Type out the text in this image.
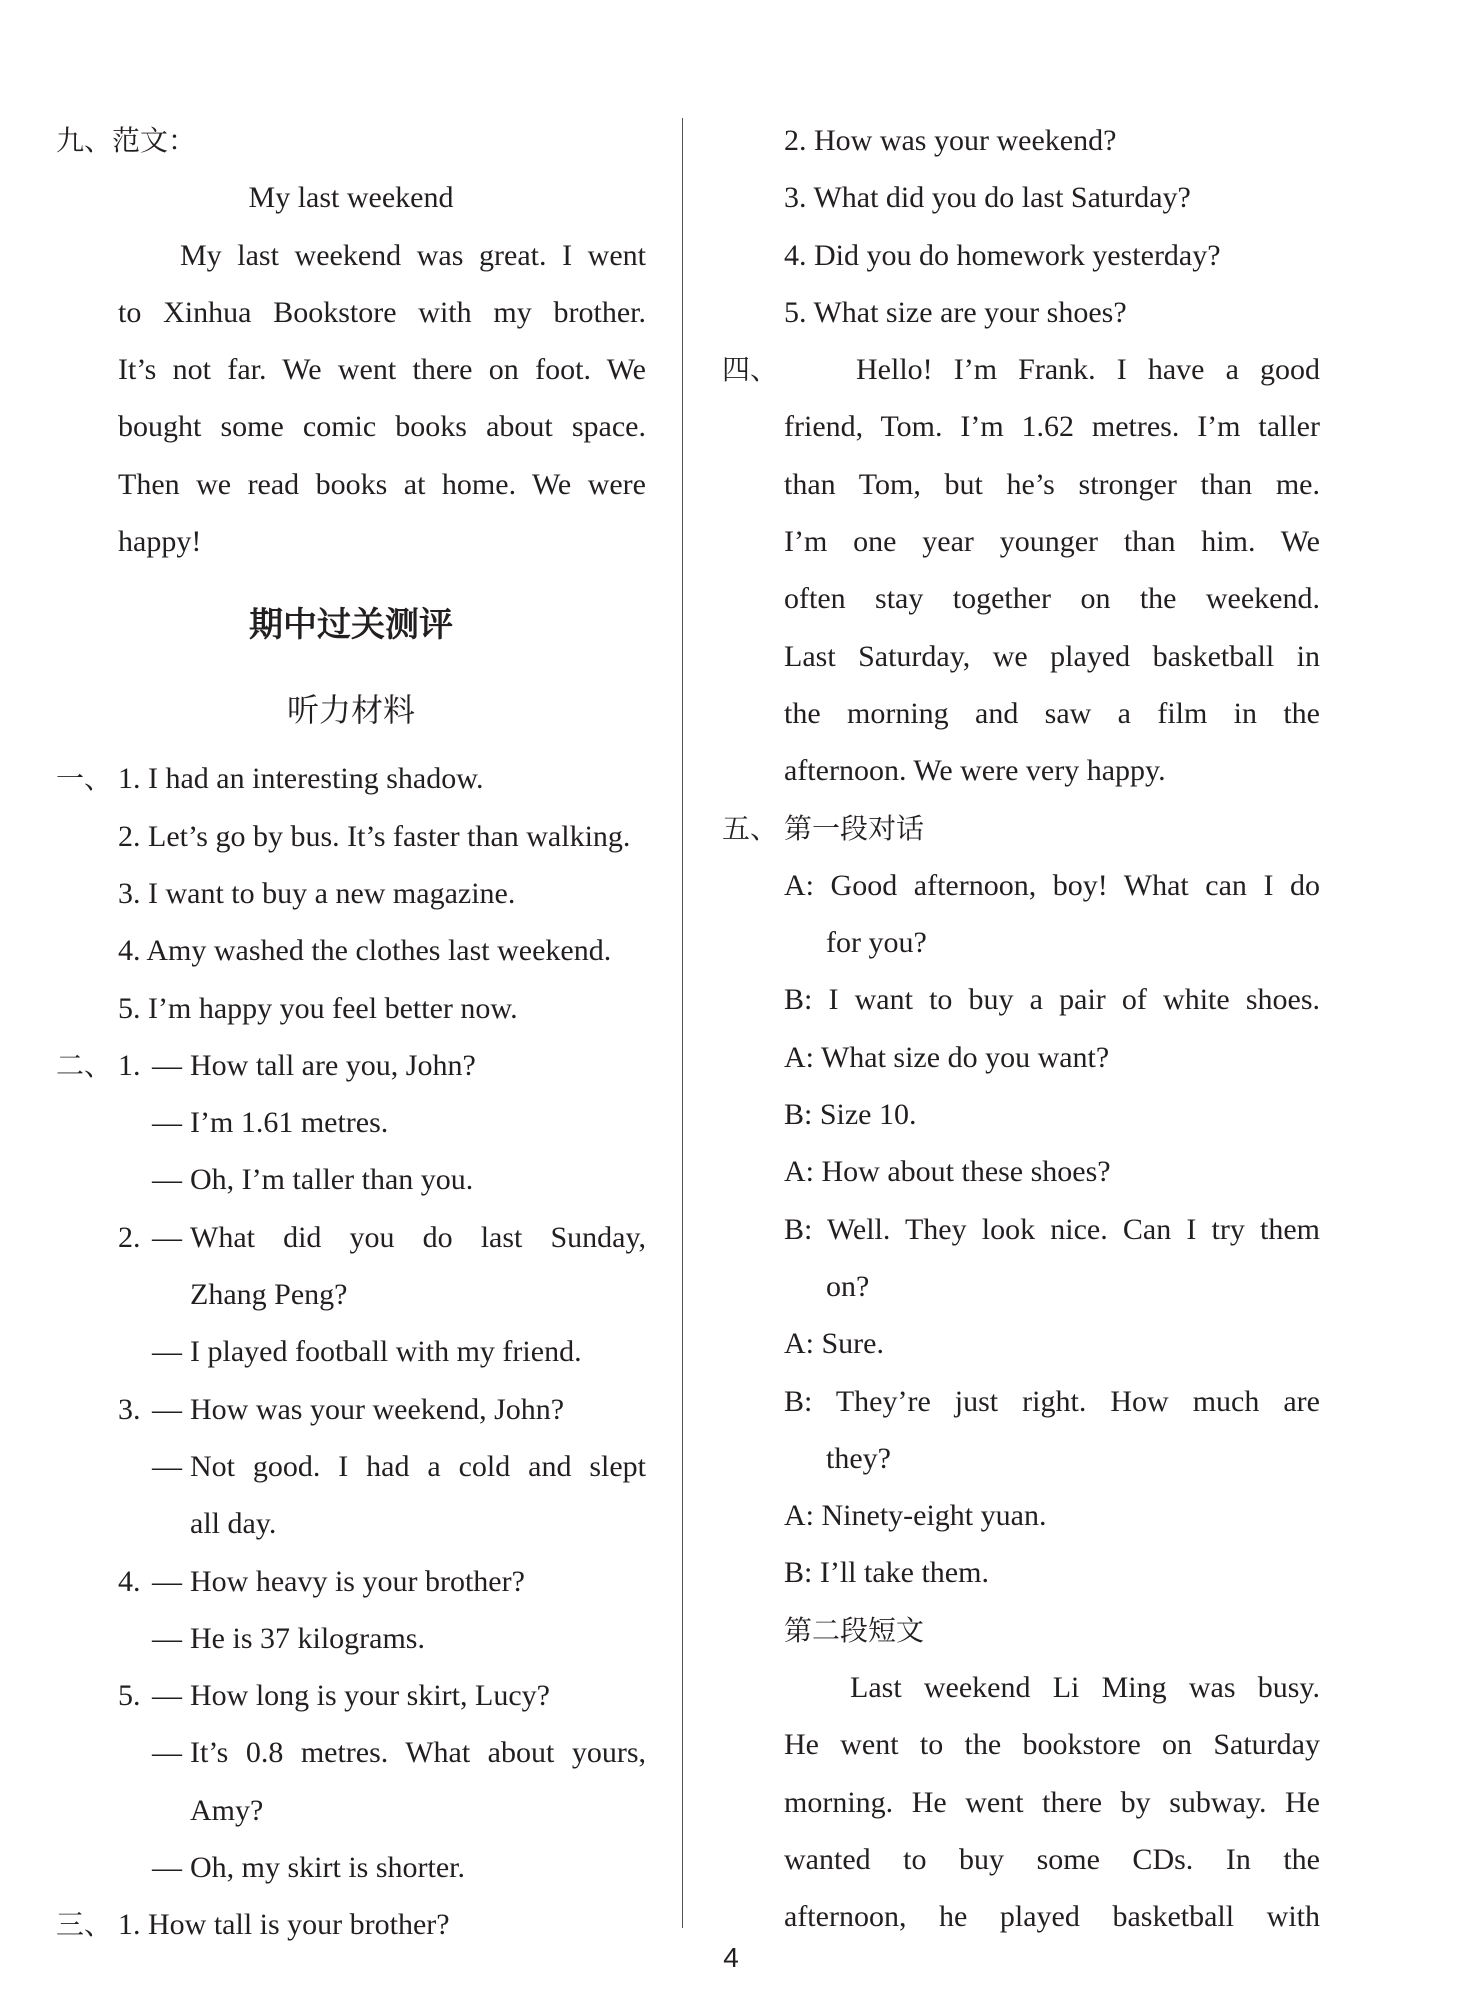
九、范文：
My last weekend
My last weekend was great. I went
to Xinhua Bookstore with my brother.
It’s not far. We went there on foot. We
bought some comic books about space.
Then we read books at home. We were
happy!
期中过关测评
听力材料
一、 1. I had an interesting shadow.
2. Let’s go by bus. It’s faster than walking.
3. I want to buy a new magazine.
4. Amy washed the clothes last weekend.
5. I’m happy you feel better now.
二、 1. — How tall are you, John?
— I’m 1.61 metres.
— Oh, I’m taller than you.
2. — What did you do last Sunday,
Zhang Peng?
— I played football with my friend.
3. — How was your weekend, John?
— Not good. I had a cold and slept
all day.
4. — How heavy is your brother?
— He is 37 kilograms.
5. — How long is your skirt, Lucy?
— It’s 0.8 metres. What about yours,
Amy?
— Oh, my skirt is shorter.
三、 1. How tall is your brother?
2. How was your weekend?
3. What did you do last Saturday?
4. Did you do homework yesterday?
5. What size are your shoes?
四、	Hello! I’m Frank. I have a good
friend, Tom. I’m 1.62 metres. I’m taller
than Tom, but he’s stronger than me.
I’m one year younger than him. We
often stay together on the weekend.
Last Saturday, we played basketball in
the morning and saw a film in the
afternoon. We were very happy.
五、 第一段对话
A: Good afternoon, boy! What can I do
for you?
B: I want to buy a pair of white shoes.
A: What size do you want?
B: Size 10.
A: How about these shoes?
B: Well. They look nice. Can I try them
on?
A: Sure.
B: They’re just right. How much are
they?
A: Ninety-eight yuan.
B: I’ll take them.
第二段短文
Last weekend Li Ming was busy.
He went to the bookstore on Saturday
morning. He went there by subway. He
wanted to buy some CDs. In the
afternoon, he played basketball with
4
